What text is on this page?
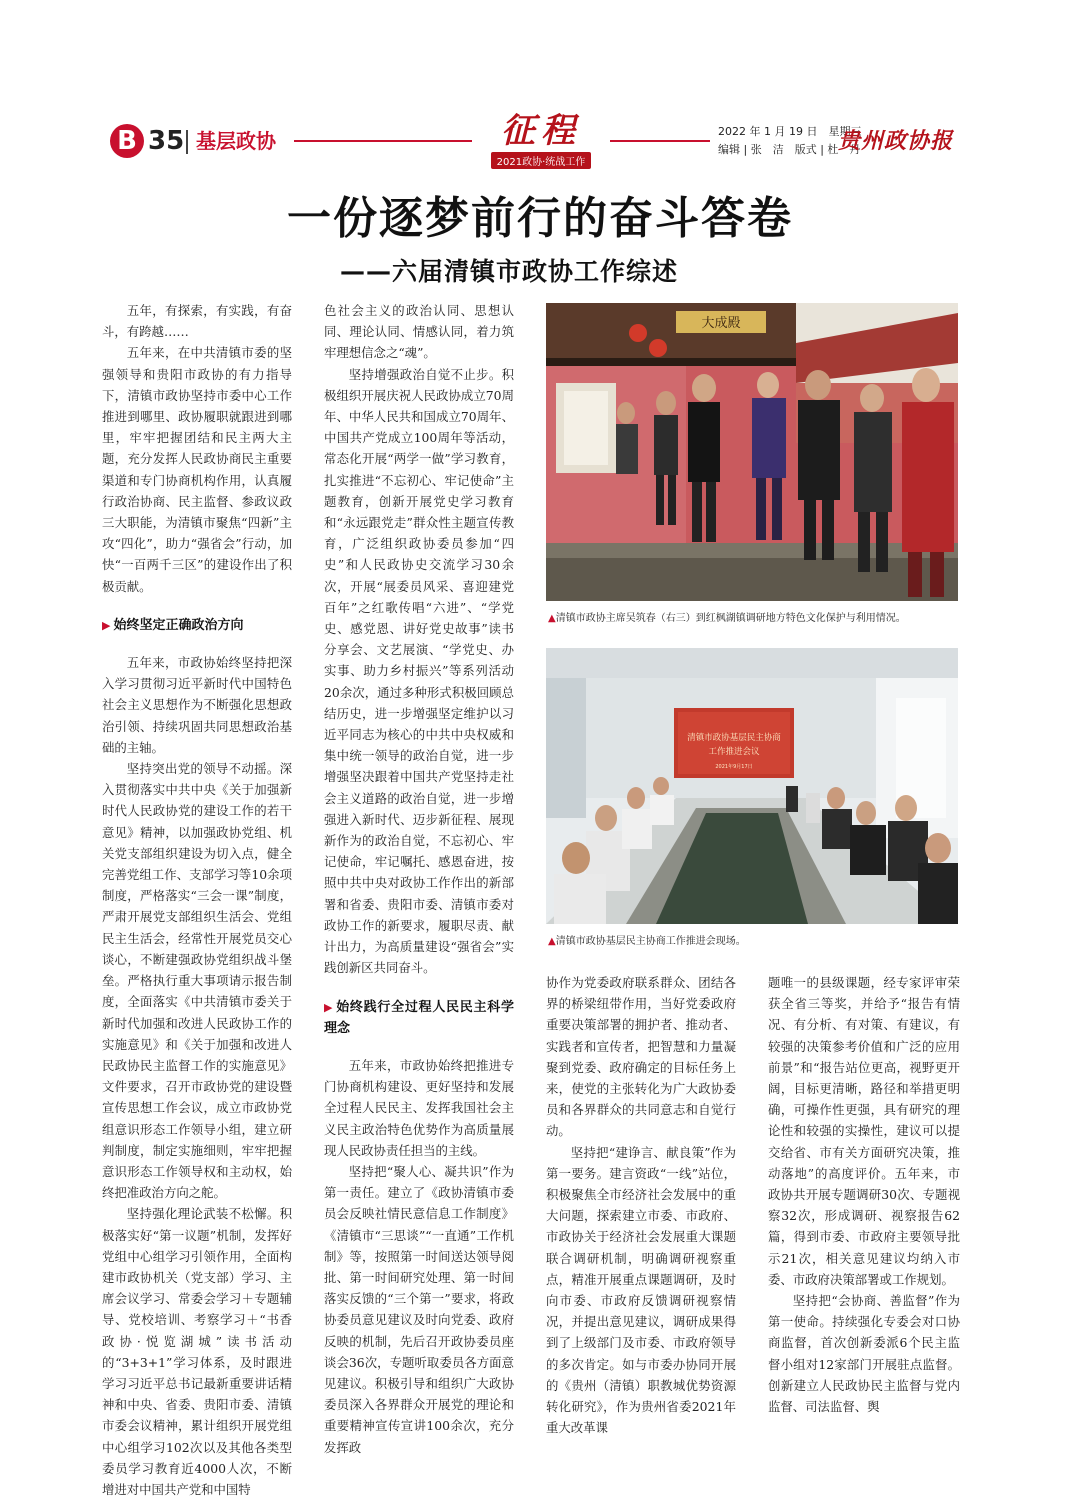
B 35 基层政协	征程
2021政协·统战工作
2022 年 1 月 19 日　星期三
编辑 | 张　洁　版式 | 杜　丹
贵州政协报
一份逐梦前行的奋斗答卷
——六届清镇市政协工作综述

五年，有探索，有实践，有奋斗，有跨越……

五年来，在中共清镇市委的坚强领导和贵阳市政协的有力指导下，清镇市政协坚持市委中心工作推进到哪里、政协履职就跟进到哪里，牢牢把握团结和民主两大主题，充分发挥人民政协商民主重要渠道和专门协商机构作用，认真履行政治协商、民主监督、参政议政三大职能，为清镇市聚焦“四新”主攻“四化”，助力“强省会”行动，加快“一百两千三区”的建设作出了积极贡献。

▶ 始终坚定正确政治方向

五年来，市政协始终坚持把深入学习贯彻习近平新时代中国特色社会主义思想作为不断强化思想政治引领、持续巩固共同思想政治基础的主轴。

坚持突出党的领导不动摇。深入贯彻落实中共中央《关于加强新时代人民政协党的建设工作的若干意见》精神，以加强政协党组、机关党支部组织建设为切入点，健全完善党组工作、支部学习等10余项制度，严格落实“三会一课”制度，严肃开展党支部组织生活会、党组民主生活会，经常性开展党员交心谈心，不断建强政协党组织战斗堡垒。严格执行重大事项请示报告制度，全面落实《中共清镇市委关于新时代加强和改进人民政协工作的实施意见》和《关于加强和改进人民政协民主监督工作的实施意见》文件要求，召开市政协党的建设暨宣传思想工作会议，成立市政协党组意识形态工作领导小组，建立研判制度，制定实施细则，牢牢把握意识形态工作领导权和主动权，始终把准政治方向之舵。

坚持强化理论武装不松懈。积极落实好“第一议题”机制，发挥好党组中心组学习引领作用，全面构建市政协机关（党支部）学习、主席会议学习、常委会学习＋专题辅导、党校培训、考察学习＋“书香政协·悦览湖城”读书活动的“3+3+1”学习体系，及时跟进学习习近平总书记最新重要讲话精神和中央、省委、贵阳市委、清镇市委会议精神，累计组织开展党组中心组学习102次以及其他各类型委员学习教育近4000人次，不断增进对中国共产党和中国特

色社会主义的政治认同、思想认同、理论认同、情感认同，着力筑牢理想信念之“魂”。

坚持增强政治自觉不止步。积极组织开展庆祝人民政协成立70周年、中华人民共和国成立70周年、中国共产党成立100周年等活动，常态化开展“两学一做”学习教育，扎实推进“不忘初心、牢记使命”主题教育，创新开展党史学习教育和“永远跟党走”群众性主题宣传教育，广泛组织政协委员参加“四史”和人民政协史交流学习30余次，开展“展委员风采、喜迎建党百年”之红歌传唱“六进”、“学党史、感党恩、讲好党史故事”读书分享会、文艺展演、“学党史、办实事、助力乡村振兴”等系列活动20余次，通过多种形式积极回顾总结历史，进一步增强坚定维护以习近平同志为核心的中共中央权威和集中统一领导的政治自觉，进一步增强坚决跟着中国共产党坚持走社会主义道路的政治自觉，进一步增强进入新时代、迈步新征程、展现新作为的政治自觉，不忘初心、牢记使命，牢记嘱托、感恩奋进，按照中共中央对政协工作作出的新部署和省委、贵阳市委、清镇市委对政协工作的新要求，履职尽责、献计出力，为高质量建设“强省会”实践创新区共同奋斗。

▶ 始终践行全过程人民民主科学理念

五年来，市政协始终把推进专门协商机构建设、更好坚持和发展全过程人民民主、发挥我国社会主义民主政治特色优势作为高质量展现人民政协责任担当的主线。

坚持把“聚人心、凝共识”作为第一责任。建立了《政协清镇市委员会反映社情民意信息工作制度》《清镇市“三思谈”“一直通”工作机制》等，按照第一时间送达领导阅批、第一时间研究处理、第一时间落实反馈的“三个第一”要求，将政协委员意见建议及时向党委、政府反映的机制，先后召开政协委员座谈会36次，专题听取委员各方面意见建议。积极引导和组织广大政协委员深入各界群众开展党的理论和重要精神宣传宣讲100余次，充分发挥政

大成殿
▲清镇市政协主席吴筑春（右三）到红枫湖镇调研地方特色文化保护与利用情况。
清镇市政协基层民主协商
工作推进会议
2021年9月17日
▲清镇市政协基层民主协商工作推进会现场。

协作为党委政府联系群众、团结各界的桥梁纽带作用，当好党委政府重要决策部署的拥护者、推动者、实践者和宣传者，把智慧和力量凝聚到党委、政府确定的目标任务上来，使党的主张转化为广大政协委员和各界群众的共同意志和自觉行动。

坚持把“建诤言、献良策”作为第一要务。建言资政“一线”站位，积极聚焦全市经济社会发展中的重大问题，探索建立市委、市政府、市政协关于经济社会发展重大课题联合调研机制，明确调研视察重点，精准开展重点课题调研，及时向市委、市政府反馈调研视察情况，并提出意见建议，调研成果得到了上级部门及市委、市政府领导的多次肯定。如与市委办协同开展的《贵州（清镇）职教城优势资源转化研究》，作为贵州省委2021年重大改革课

题唯一的县级课题，经专家评审荣获全省三等奖，并给予“报告有情况、有分析、有对策、有建议，有较强的决策参考价值和广泛的应用前景”和“报告站位更高，视野更开阔，目标更清晰，路径和举措更明确，可操作性更强，具有研究的理论性和较强的实操性，建议可以提交给省、市有关方面研究决策，推动落地”的高度评价。五年来，市政协共开展专题调研30次、专题视察32次，形成调研、视察报告62篇，得到市委、市政府主要领导批示21次，相关意见建议均纳入市委、市政府决策部署或工作规划。

坚持把“会协商、善监督”作为第一使命。持续强化专委会对口协商监督，首次创新委派6个民主监督小组对12家部门开展驻点监督。创新建立人民政协民主监督与党内监督、司法监督、舆
